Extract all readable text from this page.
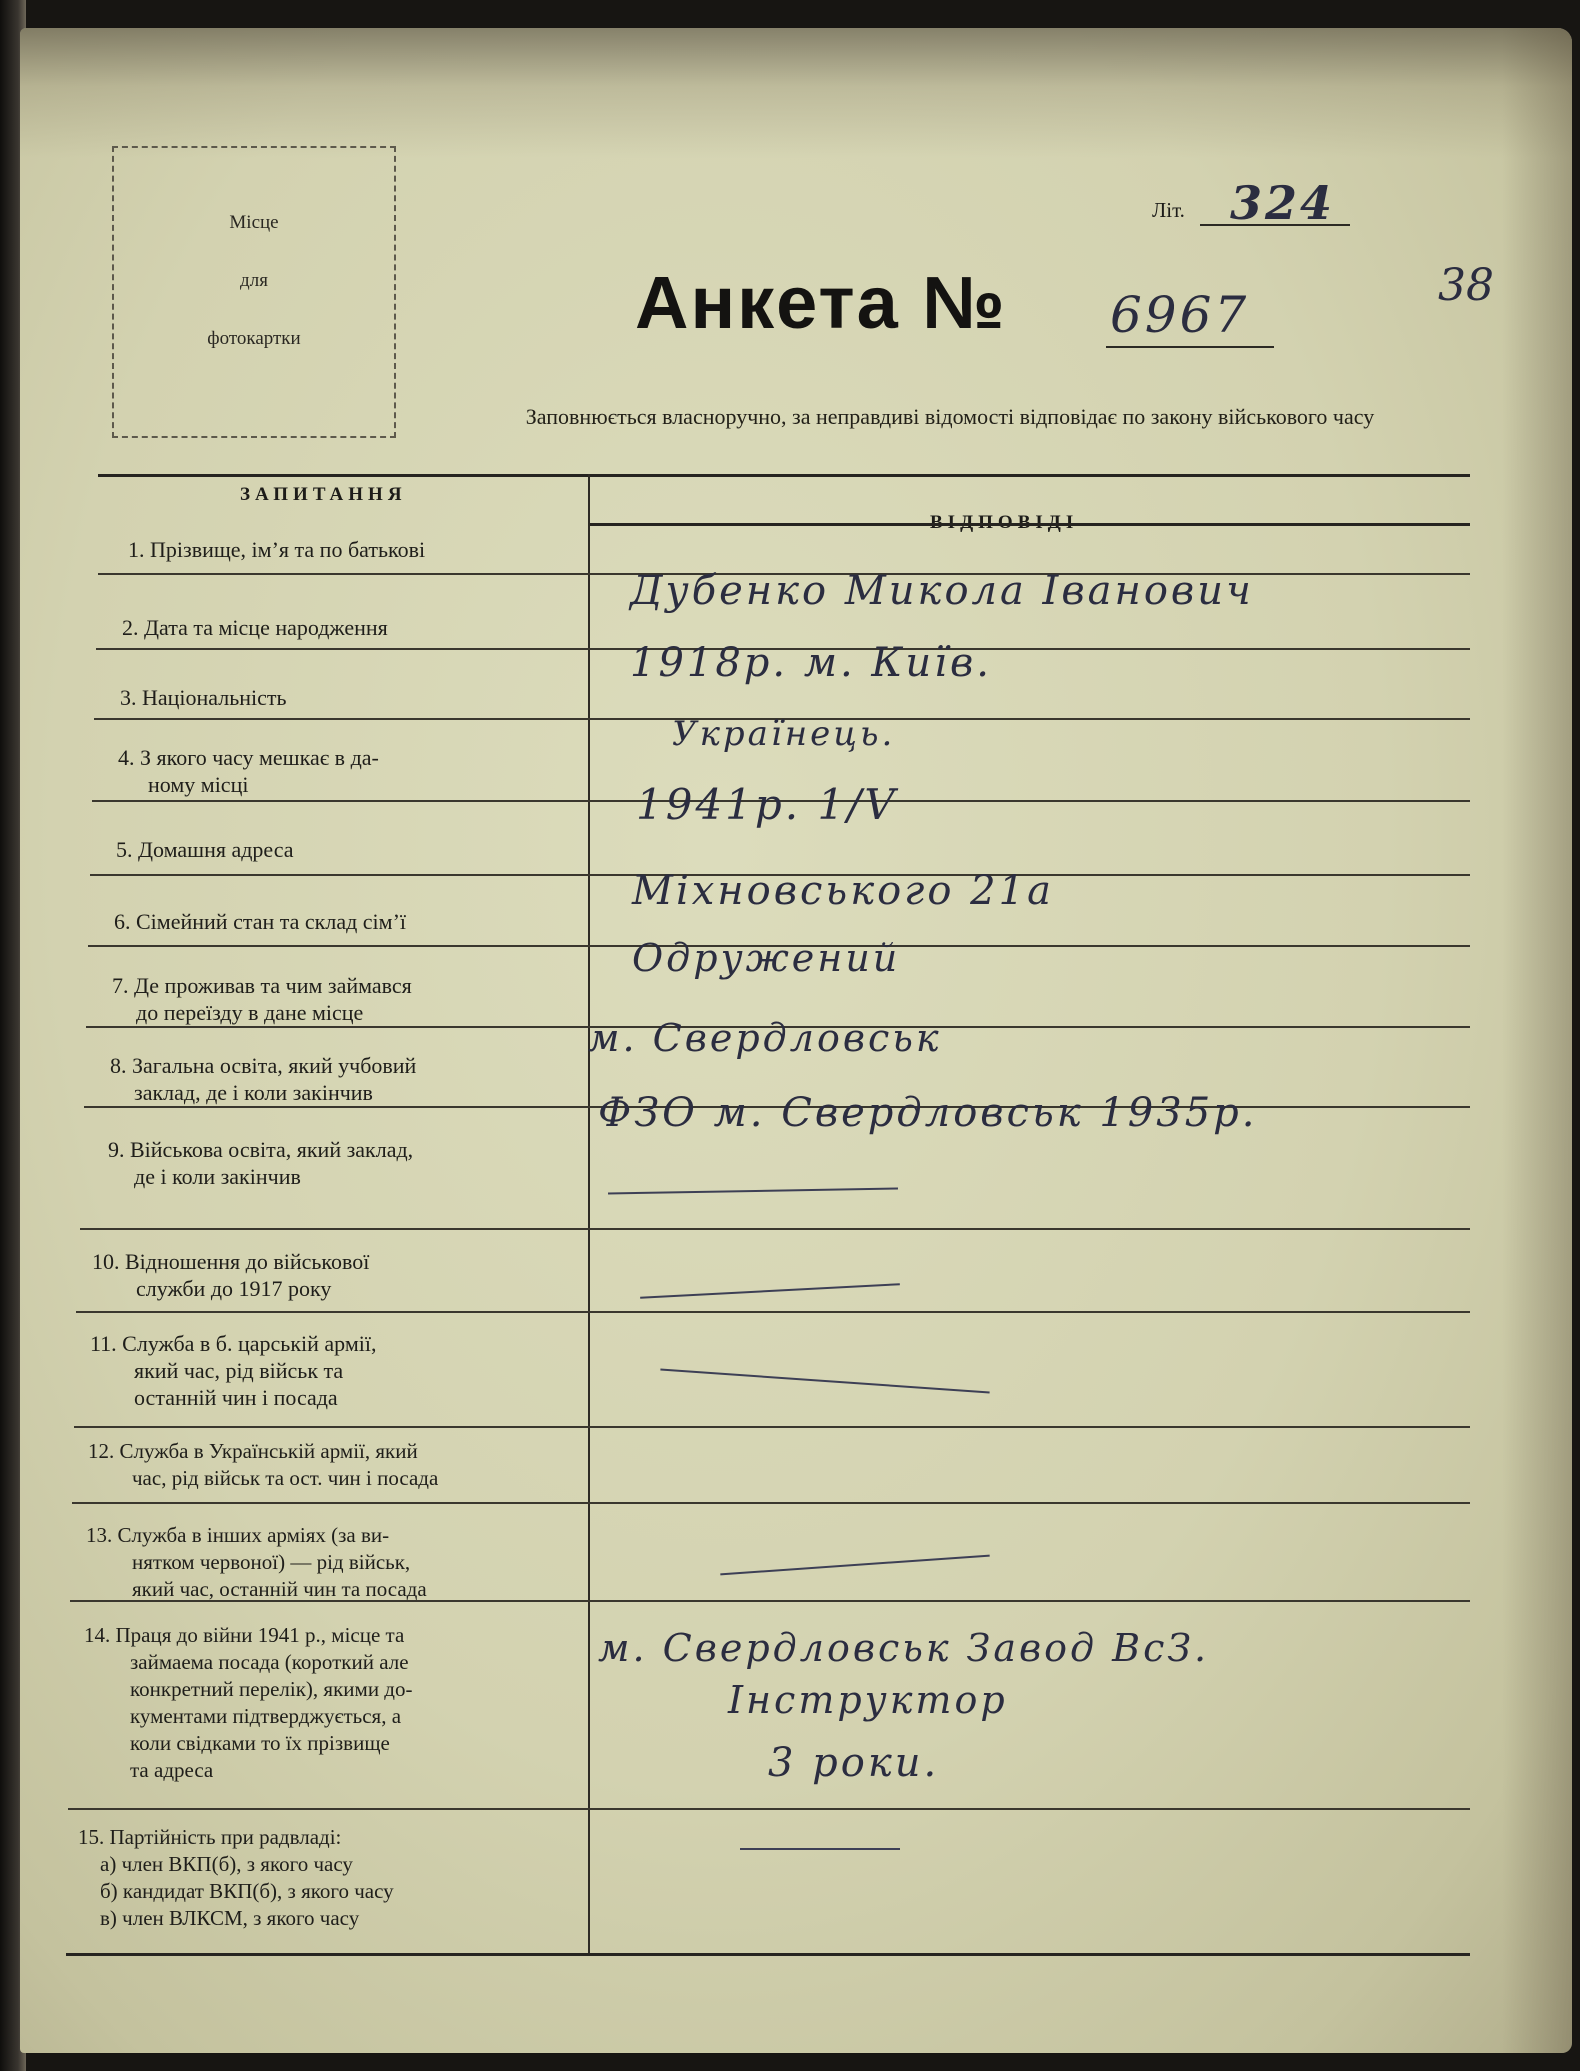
Місце
для
фотокартки
Літ. 324
38
Анкета № 6967
Заповнюється власноручно, за неправдиві відомості відповідає по закону військового часу
ЗАПИТАННЯ
ВІДПОВІДІ
1. Прізвище, ім’я та по батькові
2. Дата та місце народження
3. Національність
4. З якого часу мешкає в да-
ному місці
5. Домашня адреса
6. Сімейний стан та склад сім’ї
7. Де проживав та чим займався
до переїзду в дане місце
8. Загальна освіта, який учбовий
заклад, де і коли закінчив
9. Військова освіта, який заклад,
де і коли закінчив
10. Відношення до військової
служби до 1917 року
11. Служба в б. царській армії,
який час, рід військ та
останній чин і посада
12. Служба в Українській армії, який
час, рід військ та ост. чин і посада
13. Служба в інших арміях (за ви-
нятком червоної) — рід військ,
який час, останній чин та посада
14. Праця до війни 1941 р., місце та
займаема посада (короткий але
конкретний перелік), якими до-
кументами підтверджується, а
коли свідками то їх прізвище
та адреса
15. Партійність при радвладі:
а) член ВКП(б), з якого часу
б) кандидат ВКП(б), з якого часу
в) член ВЛКСМ, з якого часу
Дубенко Микола Іванович
1918р. м. Київ.
Українець.
1941р. 1/V
Міхновського 21а
Одружений
м. Свердловськ
ФЗО м. Свердловськ 1935р.
м. Свердловськ Завод ВсЗ.
Інструктор
3 роки.
